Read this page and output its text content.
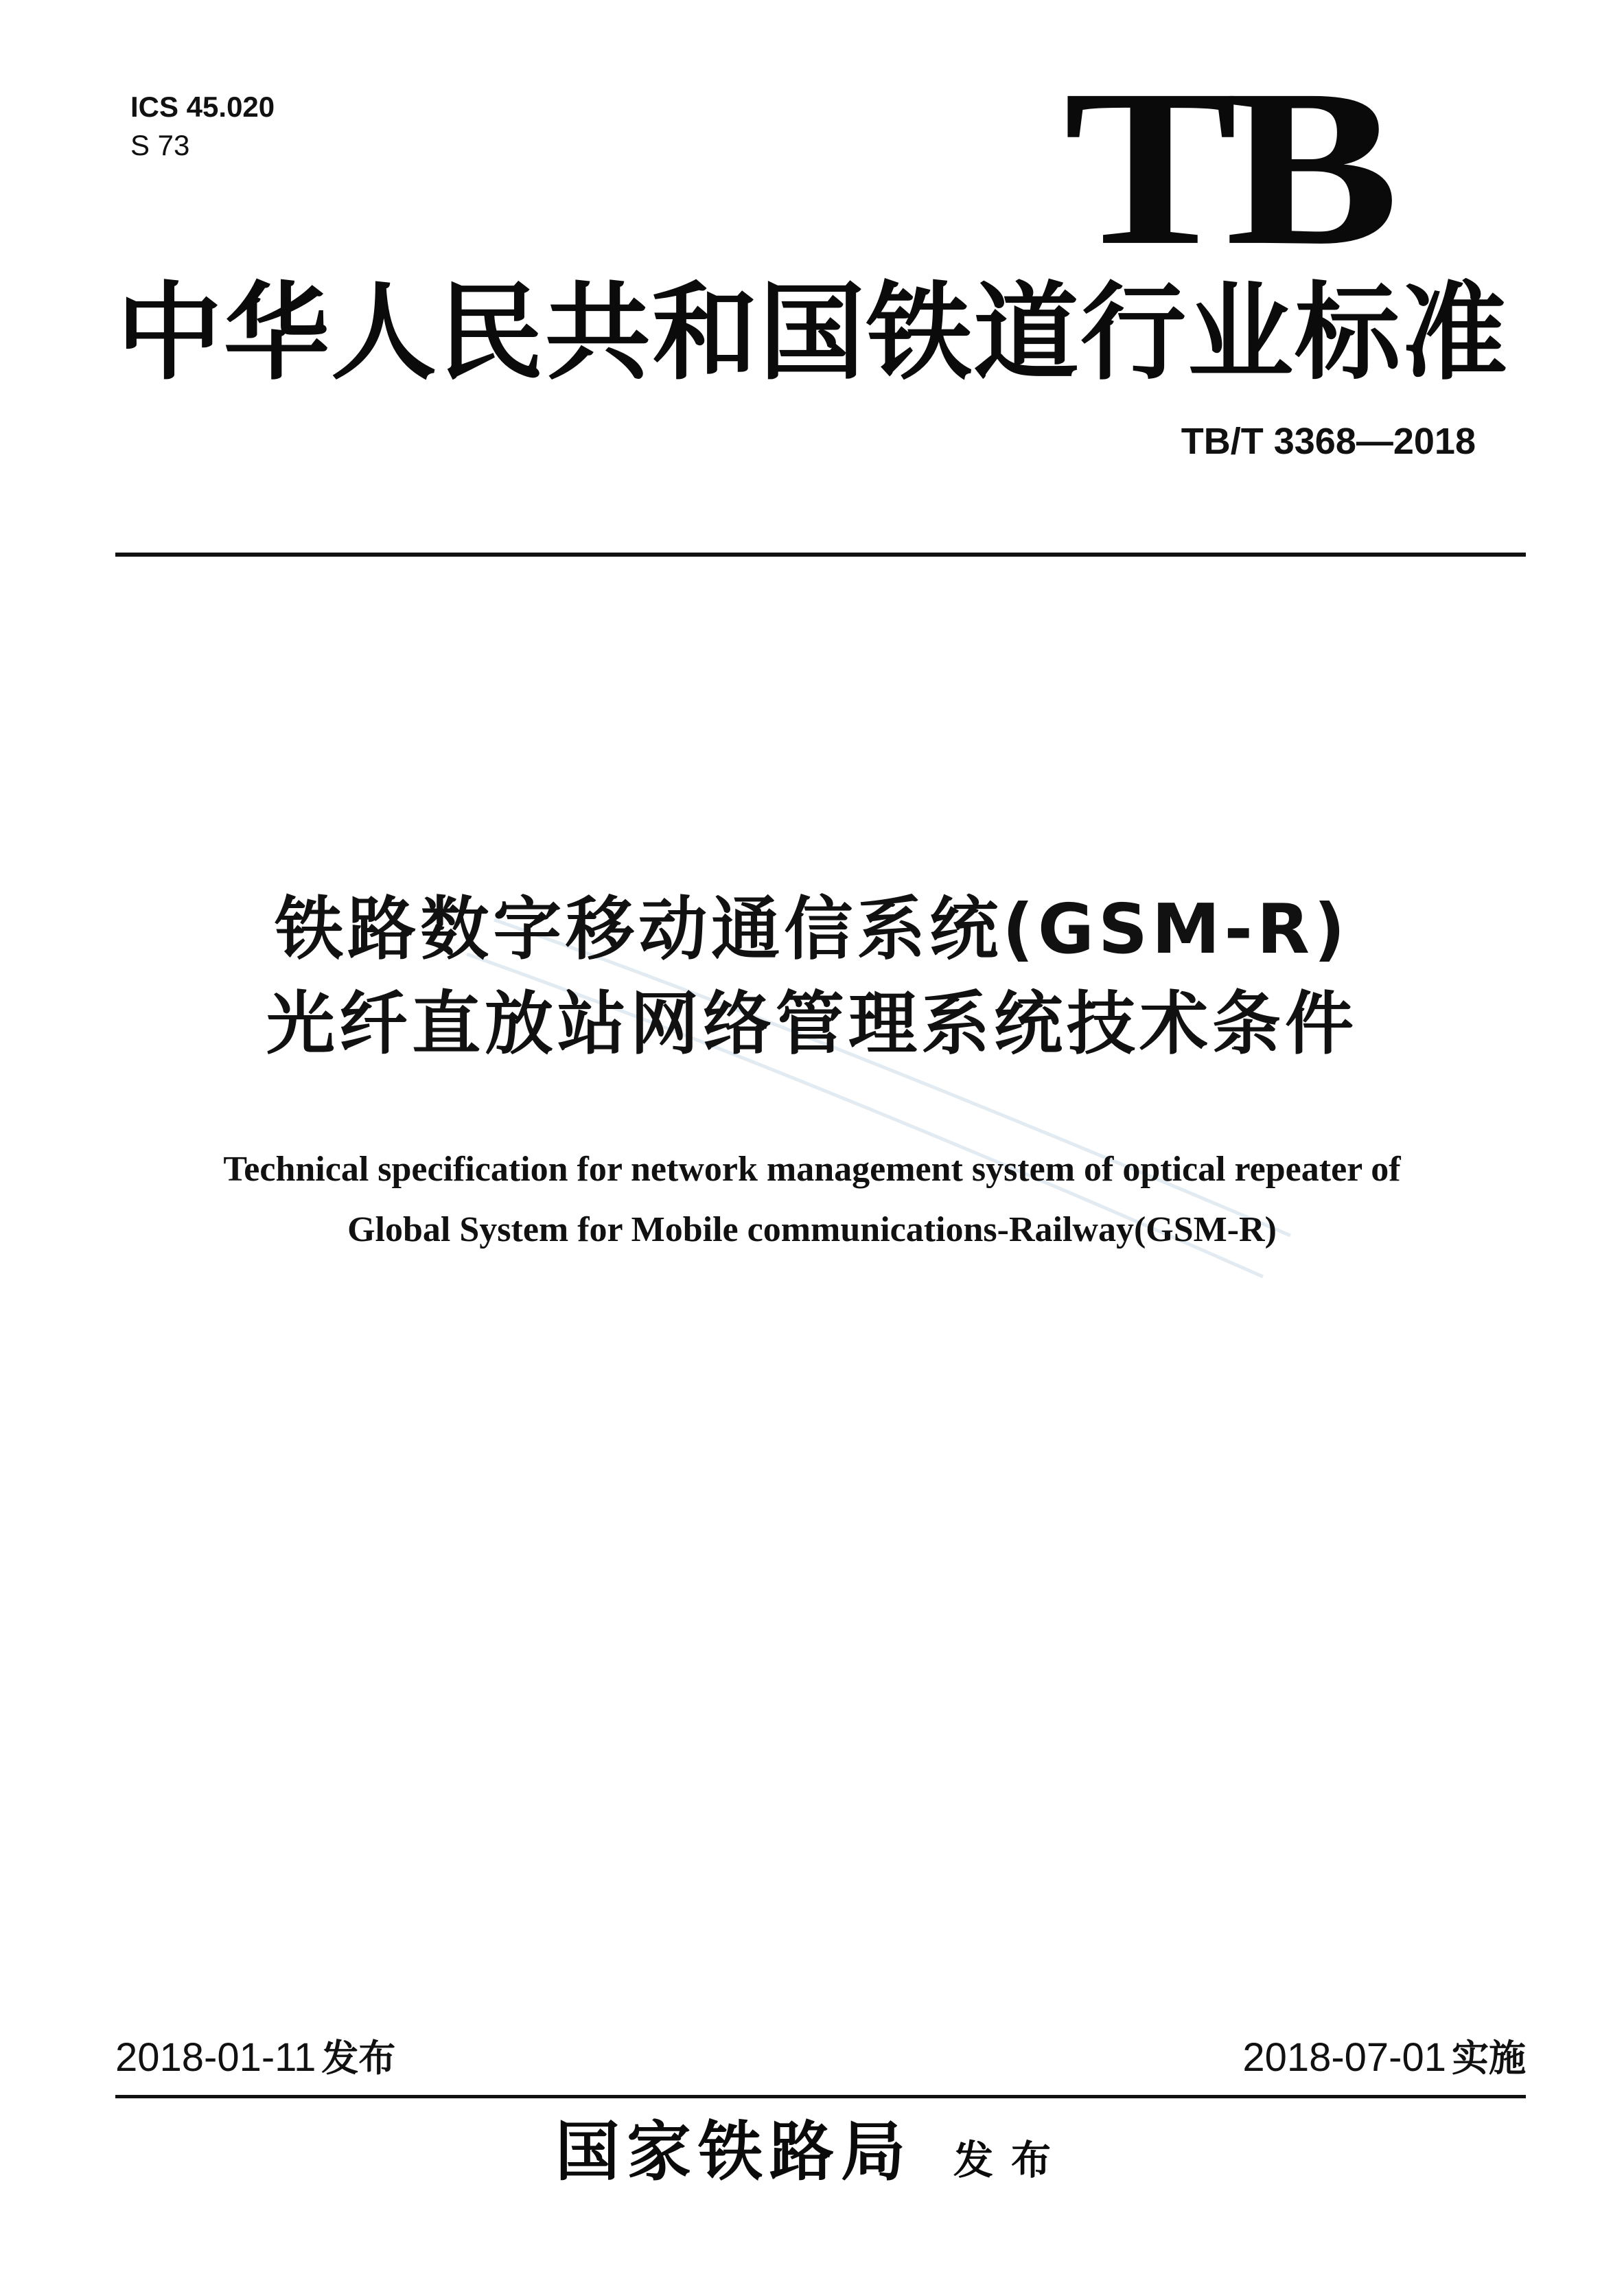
ICS 45.020
S 73	TB
中华人民共和国铁道行业标准
TB/T 3368—2018
铁路数字移动通信系统(GSM-R)
光纤直放站网络管理系统技术条件
Technical specification for network management system of optical repeater of
Global System for Mobile communications-Railway(GSM-R)
2018-01-11 发布	2018-07-01 实施
国家铁路局 发布
